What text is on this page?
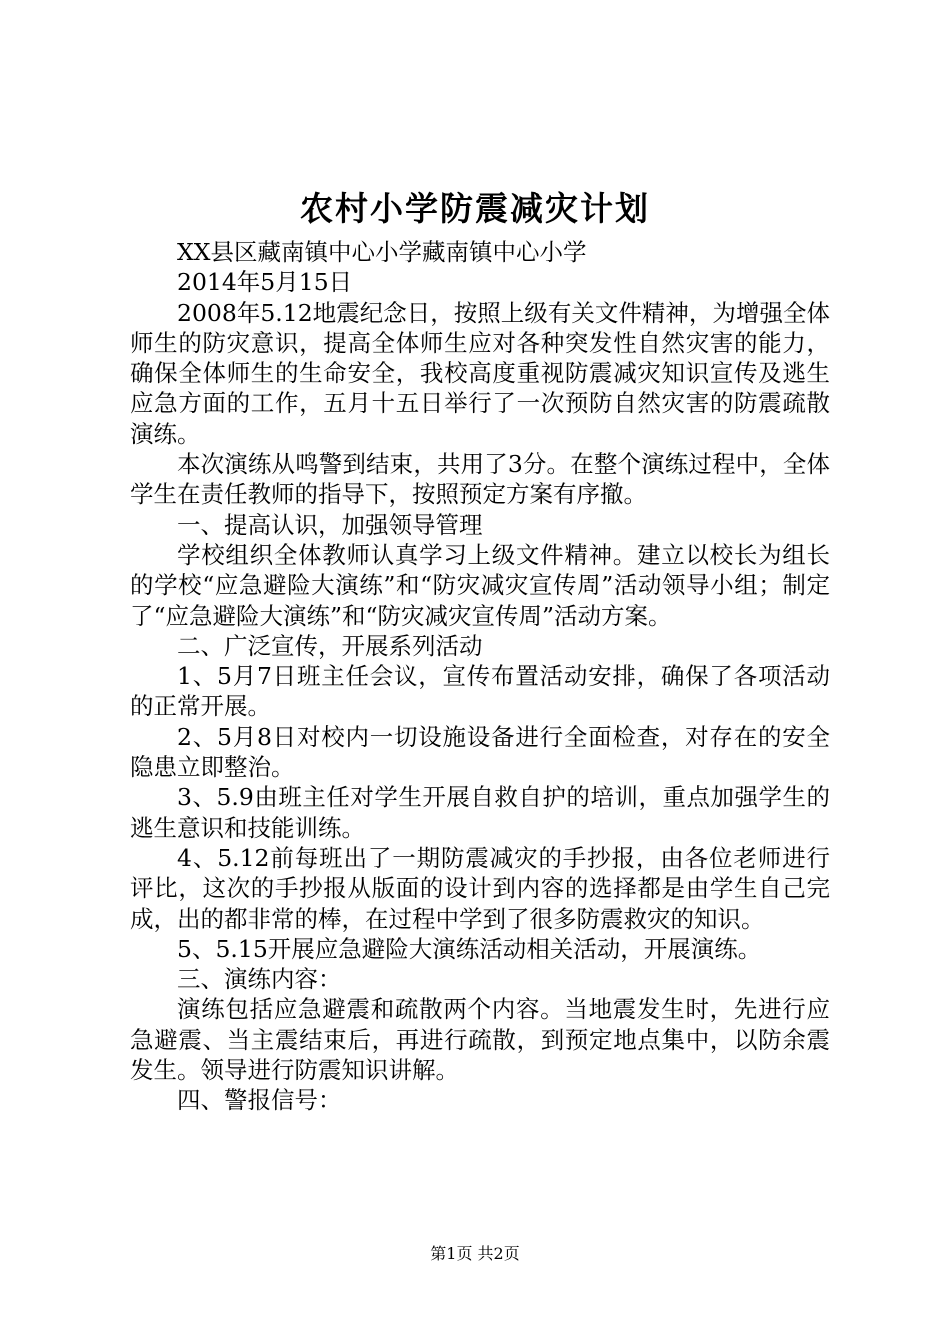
农村小学防震减灾计划

XX县区藏南镇中心小学藏南镇中心小学

2014年5月15日

2008年5.12地震纪念日，按照上级有关文件精神，为增强全体师生的防灾意识，提高全体师生应对各种突发性自然灾害的能力，确保全体师生的生命安全，我校高度重视防震减灾知识宣传及逃生应急方面的工作，五月十五日举行了一次预防自然灾害的防震疏散演练。

本次演练从鸣警到结束，共用了3分。在整个演练过程中，全体学生在责任教师的指导下，按照预定方案有序撤。

一、提高认识，加强领导管理

学校组织全体教师认真学习上级文件精神。建立以校长为组长的学校“应急避险大演练”和“防灾减灾宣传周”活动领导小组；制定了“应急避险大演练”和“防灾减灾宣传周”活动方案。

二、广泛宣传，开展系列活动

1、5月7日班主任会议，宣传布置活动安排，确保了各项活动的正常开展。

2、5月8日对校内一切设施设备进行全面检查，对存在的安全隐患立即整治。

3、5.9由班主任对学生开展自救自护的培训，重点加强学生的逃生意识和技能训练。

4、5.12前每班出了一期防震减灾的手抄报，由各位老师进行评比，这次的手抄报从版面的设计到内容的选择都是由学生自己完成，出的都非常的棒，在过程中学到了很多防震救灾的知识。

5、5.15开展应急避险大演练活动相关活动，开展演练。

三、演练内容：

演练包括应急避震和疏散两个内容。当地震发生时，先进行应急避震、当主震结束后，再进行疏散，到预定地点集中，以防余震发生。领导进行防震知识讲解。

四、警报信号：

第1页 共2页
